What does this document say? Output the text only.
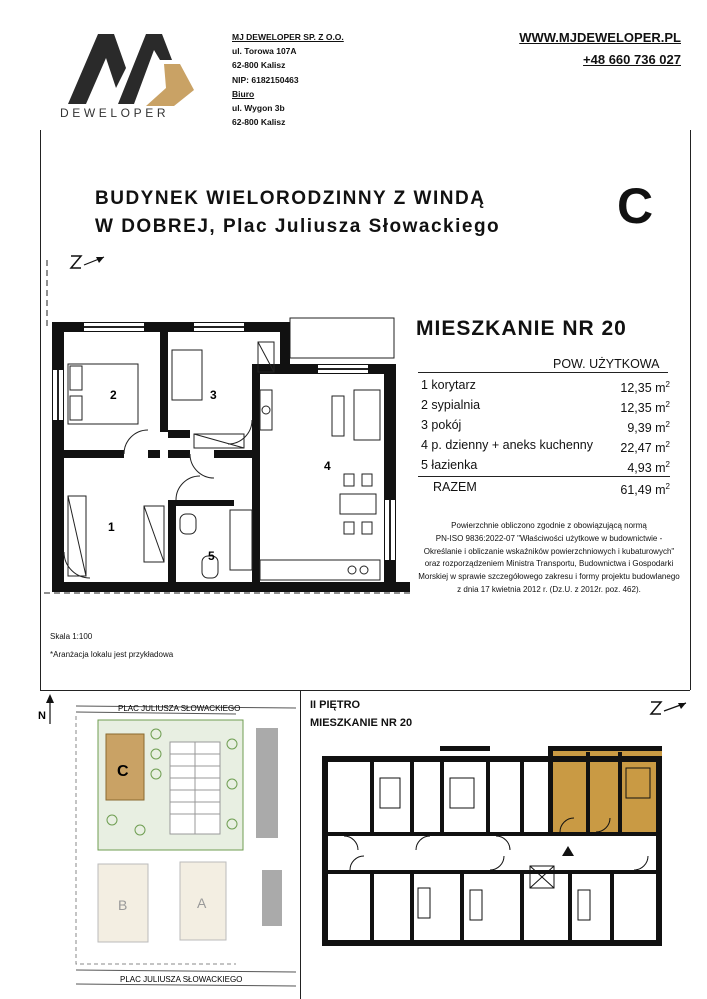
DEWELOPER
MJ DEWELOPER SP. Z O.O.
ul. Torowa 107A
62-800 Kalisz
NIP: 6182150463
Biuro
ul. Wygon 3b
62-800 Kalisz
WWW.MJDEWELOPER.PL
+48 660 736 027
BUDYNEK WIELORODZINNY Z WINDĄ
W DOBREJ, Plac Juliusza Słowackiego C
2	3
4
1
5
MIESZKANIE NR 20
POW. UŻYTKOWA
1 korytarz	12,35 $m^2$
2 sypialnia	12,35 $m^2$
3 pokój	9,39 $m^2$
4 p. dzienny + aneks kuchenny 22,47 $m^2$
5 łazienka	4,93 $m^2$
RAZEM	61,49 $m^2$
Powierzchnie obliczono zgodnie z obowiązującą normą
PN-ISO 9836:2022-07 "Właściwości użytkowe w budownictwie -
Określanie i obliczanie wskaźników powierzchniowych i kubaturowych"
oraz rozporządzeniem Ministra Transportu, Budownictwa i Gospodarki
Morskiej w sprawie szczegółowego zakresu i formy projektu budowlanego
z dnia 17 kwietnia 2012 r. (Dz.U. z 2012r. poz. 462).
Skala 1:100
*Aranżacja lokalu jest przykładowa
N
PLAC JULIUSZA SŁOWACKIEGO
PLAC JULIUSZA SŁOWACKIEGO
C
B	A
II PIĘTRO
MIESZKANIE NR 20
